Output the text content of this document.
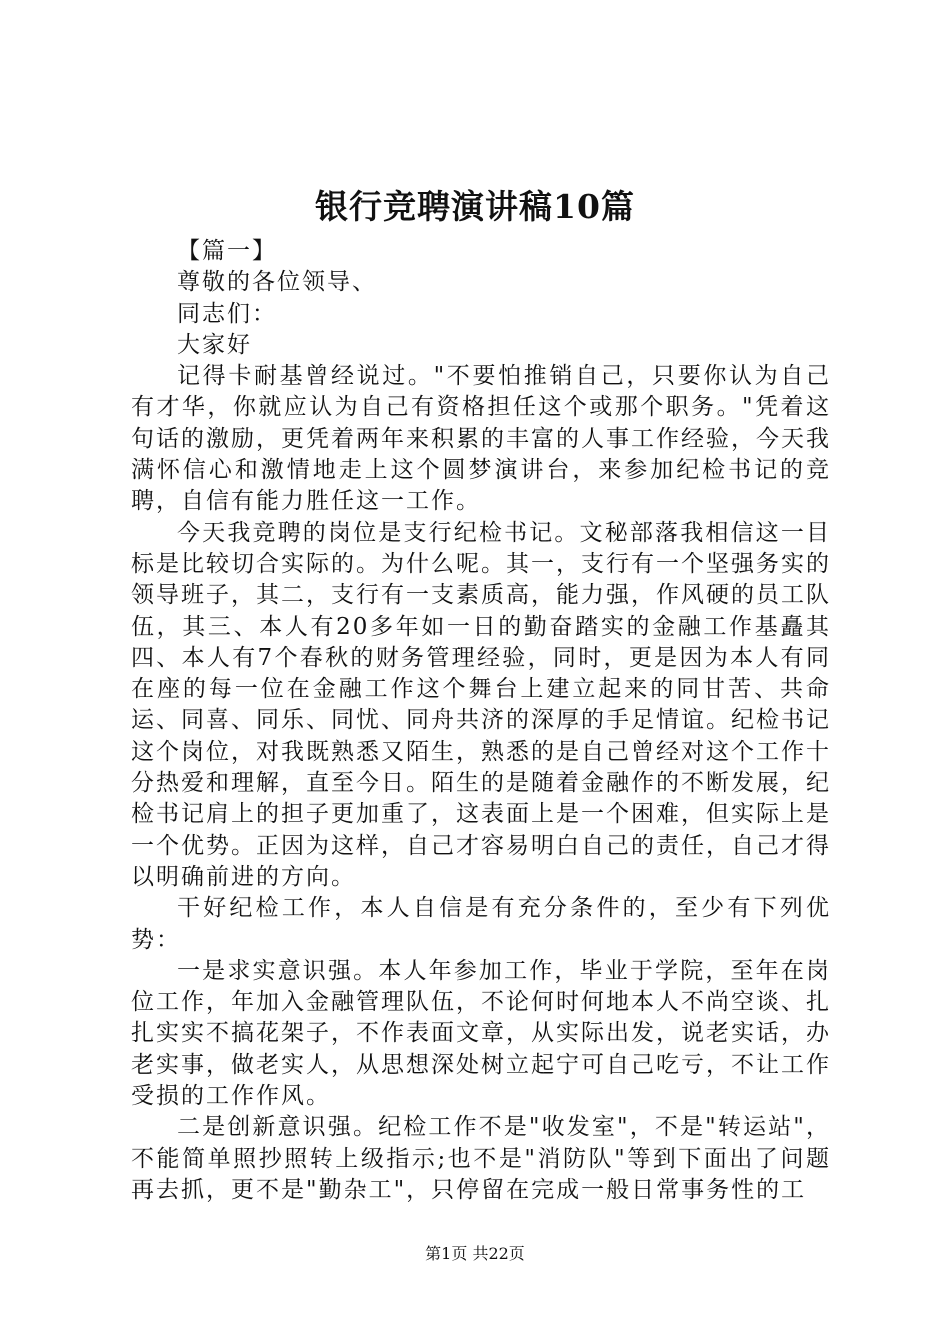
银行竞聘演讲稿10篇

【篇一】

尊敬的各位领导、

同志们：

大家好

记得卡耐基曾经说过。"不要怕推销自己，只要你认为自己有才华，你就应认为自己有资格担任这个或那个职务。"凭着这句话的激励，更凭着两年来积累的丰富的人事工作经验，今天我满怀信心和激情地走上这个圆梦演讲台，来参加纪检书记的竞聘，自信有能力胜任这一工作。

今天我竞聘的岗位是支行纪检书记。文秘部落我相信这一目标是比较切合实际的。为什么呢。其一，支行有一个坚强务实的领导班子，其二，支行有一支素质高，能力强，作风硬的员工队伍，其三、本人有20多年如一日的勤奋踏实的金融工作基矗其四、本人有7个春秋的财务管理经验，同时，更是因为本人有同在座的每一位在金融工作这个舞台上建立起来的同甘苦、共命运、同喜、同乐、同忧、同舟共济的深厚的手足情谊。纪检书记这个岗位，对我既熟悉又陌生，熟悉的是自己曾经对这个工作十分热爱和理解，直至今日。陌生的是随着金融作的不断发展，纪检书记肩上的担子更加重了，这表面上是一个困难，但实际上是一个优势。正因为这样，自己才容易明白自己的责任，自己才得以明确前进的方向。

干好纪检工作，本人自信是有充分条件的，至少有下列优势：

一是求实意识强。本人年参加工作，毕业于学院，至年在岗位工作，年加入金融管理队伍，不论何时何地本人不尚空谈、扎扎实实不搞花架子，不作表面文章，从实际出发，说老实话，办老实事，做老实人，从思想深处树立起宁可自己吃亏，不让工作受损的工作作风。

二是创新意识强。纪检工作不是"收发室"，不是"转运站"，不能简单照抄照转上级指示;也不是"消防队"等到下面出了问题再去抓，更不是"勤杂工"，只停留在完成一般日常事务性的工

第1页 共22页
